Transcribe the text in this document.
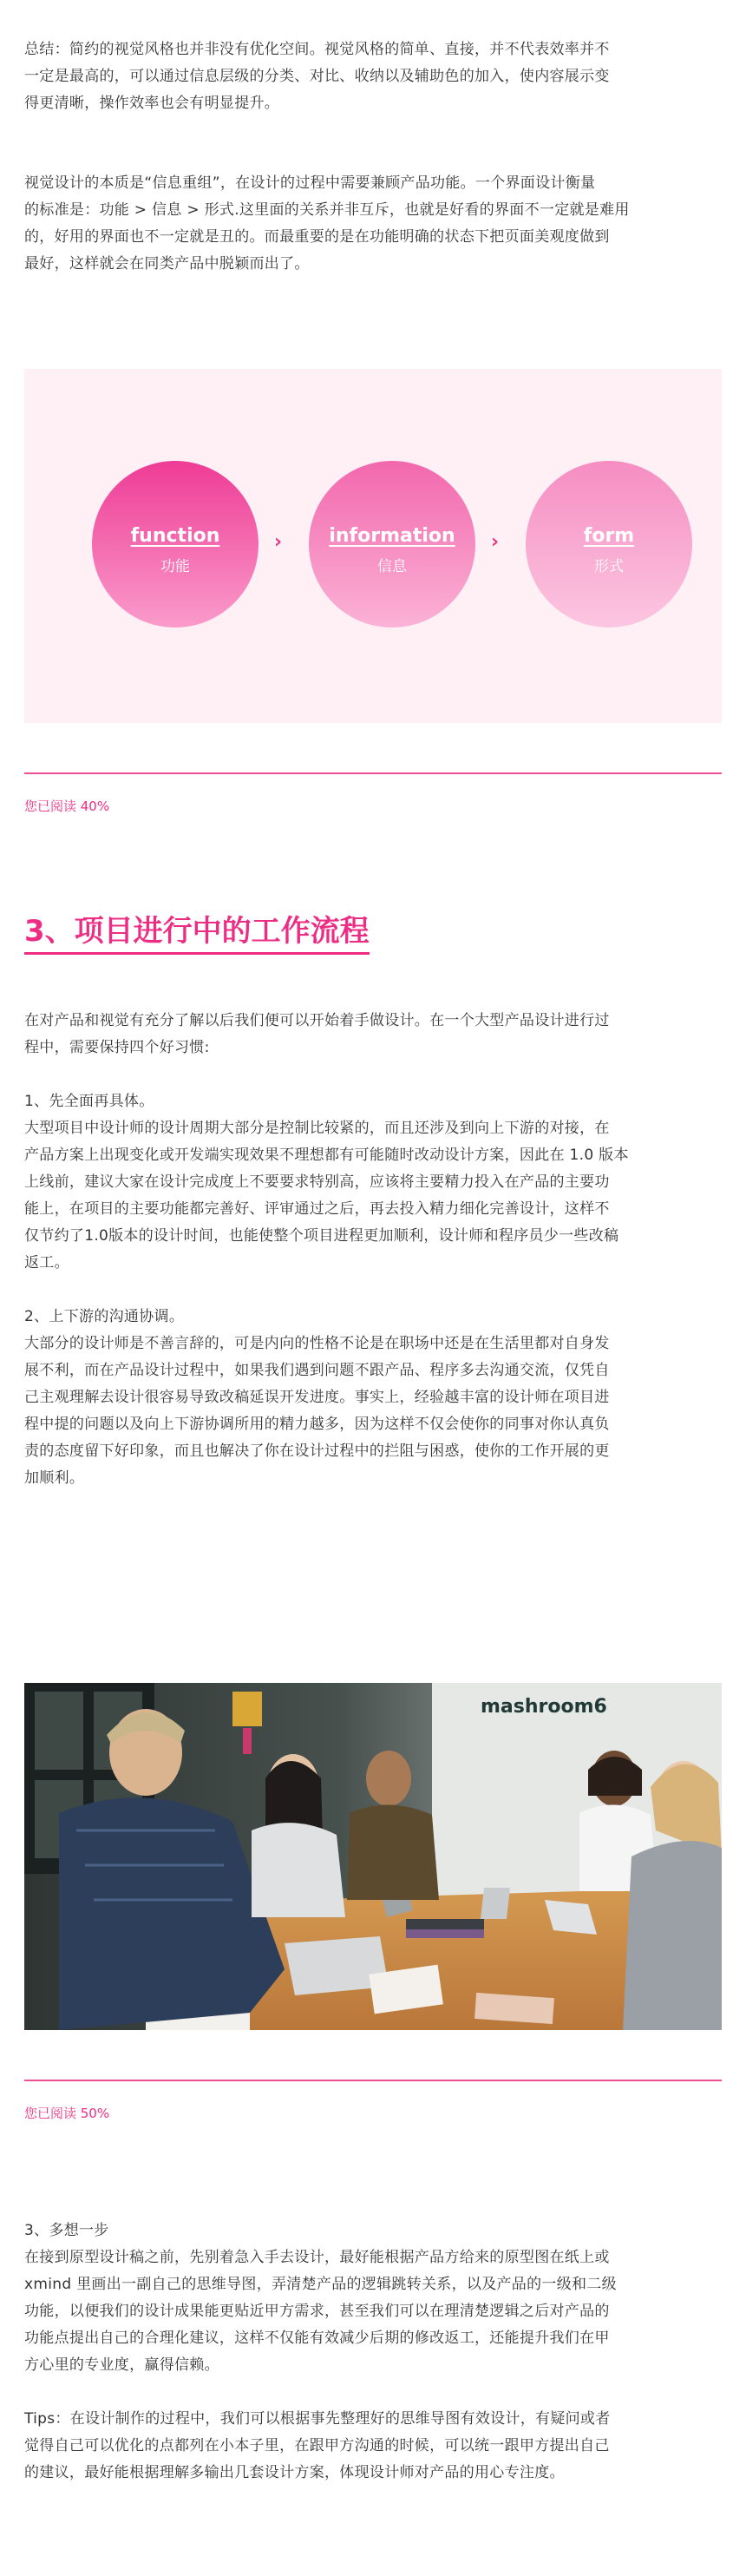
总结：简约的视觉风格也并非没有优化空间。视觉风格的简单、直接，并不代表效率并不

一定是最高的，可以通过信息层级的分类、对比、收纳以及辅助色的加入，使内容展示变

得更清晰，操作效率也会有明显提升。

视觉设计的本质是“信息重组”，在设计的过程中需要兼顾产品功能。一个界面设计衡量

的标准是：功能 > 信息 > 形式.这里面的关系并非互斥，也就是好看的界面不一定就是难用

的，好用的界面也不一定就是丑的。而最重要的是在功能明确的状态下把页面美观度做到

最好，这样就会在同类产品中脱颖而出了。

function
功能
›	information
信息
›	form
形式
您已阅读 40%
3、项目进行中的工作流程

在对产品和视觉有充分了解以后我们便可以开始着手做设计。在一个大型产品设计进行过

程中，需要保持四个好习惯:

1、先全面再具体。

大型项目中设计师的设计周期大部分是控制比较紧的，而且还涉及到向上下游的对接，在

产品方案上出现变化或开发端实现效果不理想都有可能随时改动设计方案，因此在 1.0 版本

上线前，建议大家在设计完成度上不要要求特别高，应该将主要精力投入在产品的主要功

能上，在项目的主要功能都完善好、评审通过之后，再去投入精力细化完善设计，这样不

仅节约了1.0版本的设计时间，也能使整个项目进程更加顺利，设计师和程序员少一些改稿

返工。

2、上下游的沟通协调。

大部分的设计师是不善言辞的，可是内向的性格不论是在职场中还是在生活里都对自身发

展不利，而在产品设计过程中，如果我们遇到问题不跟产品、程序多去沟通交流，仅凭自

己主观理解去设计很容易导致改稿延误开发进度。事实上，经验越丰富的设计师在项目进

程中提的问题以及向上下游协调所用的精力越多，因为这样不仅会使你的同事对你认真负

责的态度留下好印象，而且也解决了你在设计过程中的拦阻与困惑，使你的工作开展的更

加顺利。

mashroom6
您已阅读 50%

3、多想一步

在接到原型设计稿之前，先别着急入手去设计，最好能根据产品方给来的原型图在纸上或

xmind 里画出一副自己的思维导图，弄清楚产品的逻辑跳转关系，以及产品的一级和二级

功能，以便我们的设计成果能更贴近甲方需求，甚至我们可以在理清楚逻辑之后对产品的

功能点提出自己的合理化建议，这样不仅能有效减少后期的修改返工，还能提升我们在甲

方心里的专业度，赢得信赖。

Tips：在设计制作的过程中，我们可以根据事先整理好的思维导图有效设计，有疑问或者

觉得自己可以优化的点都列在小本子里，在跟甲方沟通的时候，可以统一跟甲方提出自己

的建议，最好能根据理解多输出几套设计方案，体现设计师对产品的用心专注度。
